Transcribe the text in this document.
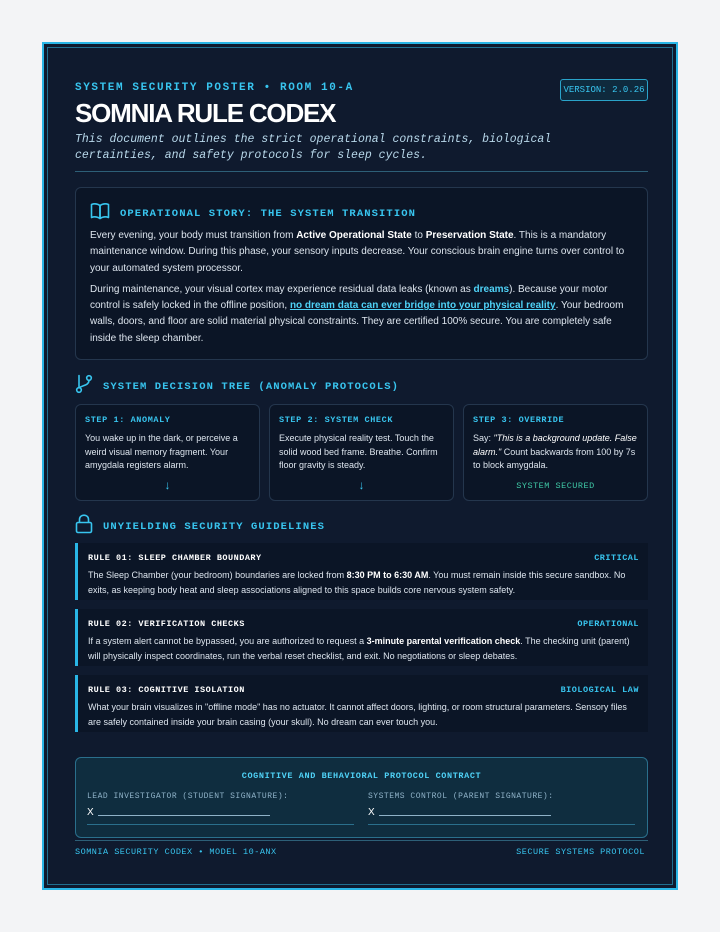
SYSTEM SECURITY POSTER • ROOM 10-A	VERSION: 2.0.26
SOMNIA RULE CODEX
This document outlines the strict operational constraints, biological certainties, and safety protocols for sleep cycles.
OPERATIONAL STORY: THE SYSTEM TRANSITION

Every evening, your body must transition from Active Operational State to Preservation State. This is a mandatory maintenance window. During this phase, your sensory inputs decrease. Your conscious brain engine turns over control to your automated system processor.

During maintenance, your visual cortex may experience residual data leaks (known as dreams). Because your motor control is safely locked in the offline position, no dream data can ever bridge into your physical reality. Your bedroom walls, doors, and floor are solid material physical constraints. They are certified 100% secure. You are completely safe inside the sleep chamber.

SYSTEM DECISION TREE (ANOMALY PROTOCOLS)
STEP 1: ANOMALY
You wake up in the dark, or perceive a weird visual memory fragment. Your amygdala registers alarm.
↓
STEP 2: SYSTEM CHECK
Execute physical reality test. Touch the solid wood bed frame. Breathe. Confirm floor gravity is steady.
↓
STEP 3: OVERRIDE
Say: "This is a background update. False alarm." Count backwards from 100 by 7s to block amygdala.
SYSTEM SECURED
UNYIELDING SECURITY GUIDELINES
RULE 01: SLEEP CHAMBER BOUNDARY	CRITICAL
The Sleep Chamber (your bedroom) boundaries are locked from 8:30 PM to 6:30 AM. You must remain inside this secure sandbox. No exits, as keeping body heat and sleep associations aligned to this space builds core nervous system safety.
RULE 02: VERIFICATION CHECKS	OPERATIONAL
If a system alert cannot be bypassed, you are authorized to request a 3-minute parental verification check. The checking unit (parent) will physically inspect coordinates, run the verbal reset checklist, and exit. No negotiations or sleep debates.
RULE 03: COGNITIVE ISOLATION	BIOLOGICAL LAW
What your brain visualizes in "offline mode" has no actuator. It cannot affect doors, lighting, or room structural parameters. Sensory files are safely contained inside your brain casing (your skull). No dream can ever touch you.
COGNITIVE AND BEHAVIORAL PROTOCOL CONTRACT
LEAD INVESTIGATOR (STUDENT SIGNATURE):
X
SYSTEMS CONTROL (PARENT SIGNATURE):
X
SOMNIA SECURITY CODEX • MODEL 10-ANX	SECURE SYSTEMS PROTOCOL
